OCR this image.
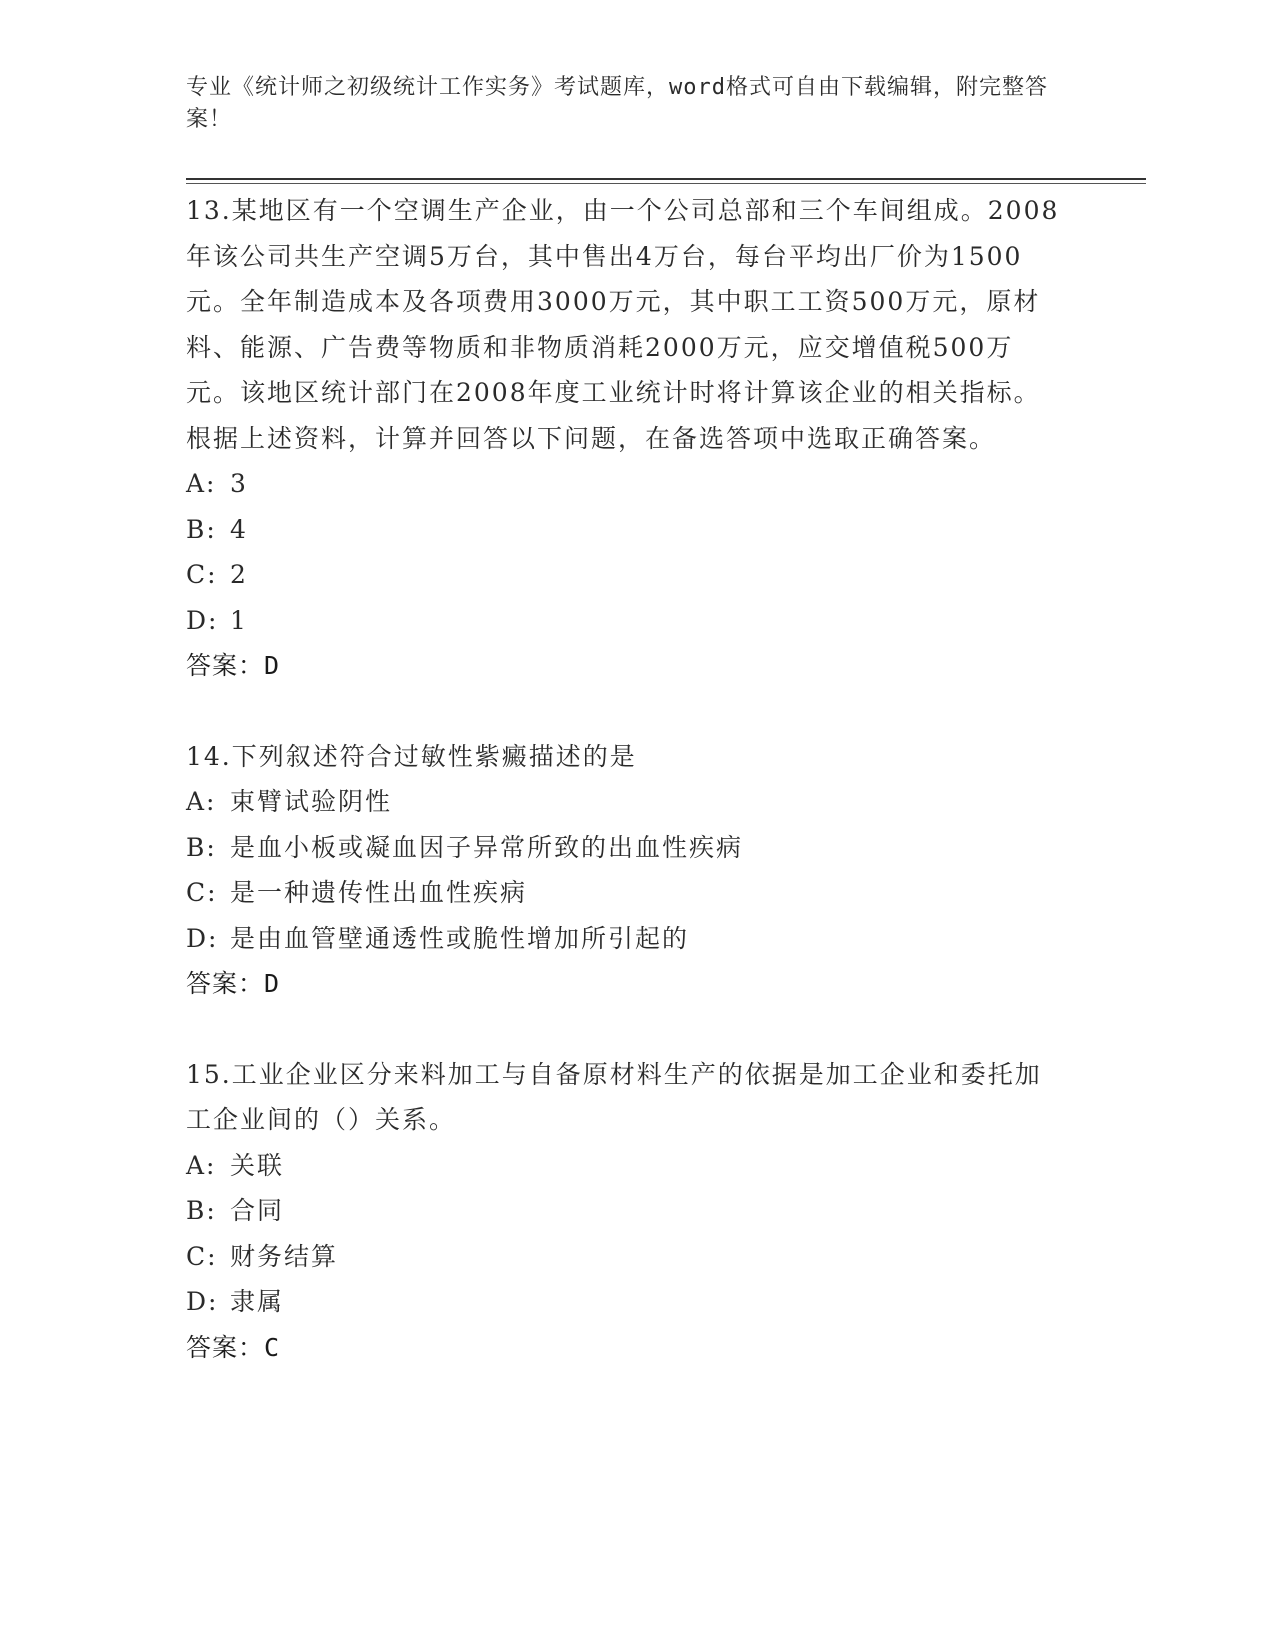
专业《统计师之初级统计工作实务》考试题库，word格式可自由下载编辑，附完整答案！

13.某地区有一个空调生产企业，由一个公司总部和三个车间组成。2008年该公司共生产空调5万台，其中售出4万台，每台平均出厂价为1500元。全年制造成本及各项费用3000万元，其中职工工资500万元，原材料、能源、广告费等物质和非物质消耗2000万元，应交增值税500万元。该地区统计部门在2008年度工业统计时将计算该企业的相关指标。根据上述资料，计算并回答以下问题，在备选答项中选取正确答案。

A: 3

B: 4

C: 2

D: 1

答案：D

14.下列叙述符合过敏性紫癜描述的是

A: 束臂试验阴性

B: 是血小板或凝血因子异常所致的出血性疾病

C: 是一种遗传性出血性疾病

D: 是由血管壁通透性或脆性增加所引起的

答案：D

15.工业企业区分来料加工与自备原材料生产的依据是加工企业和委托加工企业间的（）关系。

A: 关联

B: 合同

C: 财务结算

D: 隶属

答案：C
